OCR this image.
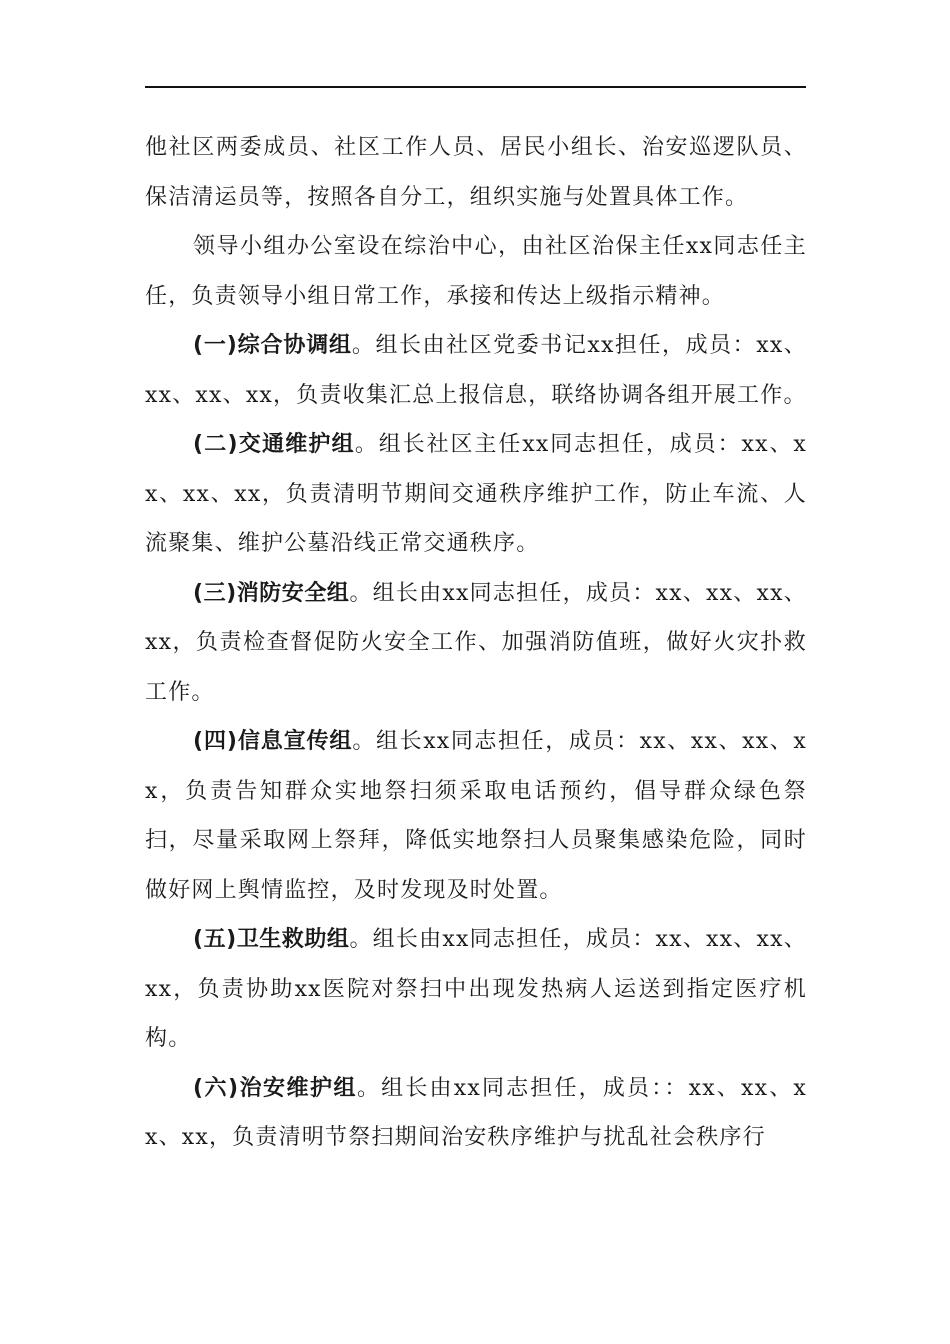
他社区两委成员、社区工作人员、居民小组长、治安巡逻队员、保洁清运员等，按照各自分工，组织实施与处置具体工作。

领导小组办公室设在综治中心，由社区治保主任xx同志任主任，负责领导小组日常工作，承接和传达上级指示精神。

(一)综合协调组。组长由社区党委书记xx担任，成员：xx、xx、xx、xx，负责收集汇总上报信息，联络协调各组开展工作。

(二)交通维护组。组长社区主任xx同志担任，成员：xx、xx、xx、xx，负责清明节期间交通秩序维护工作，防止车流、人流聚集、维护公墓沿线正常交通秩序。

(三)消防安全组。组长由xx同志担任，成员：xx、xx、xx、xx，负责检查督促防火安全工作、加强消防值班，做好火灾扑救工作。

(四)信息宣传组。组长xx同志担任，成员：xx、xx、xx、xx，负责告知群众实地祭扫须采取电话预约，倡导群众绿色祭扫，尽量采取网上祭拜，降低实地祭扫人员聚集感染危险，同时做好网上舆情监控，及时发现及时处置。

(五)卫生救助组。组长由xx同志担任，成员：xx、xx、xx、xx，负责协助xx医院对祭扫中出现发热病人运送到指定医疗机构。

(六)治安维护组。组长由xx同志担任，成员：：xx、xx、xx、xx，负责清明节祭扫期间治安秩序维护与扰乱社会秩序行
